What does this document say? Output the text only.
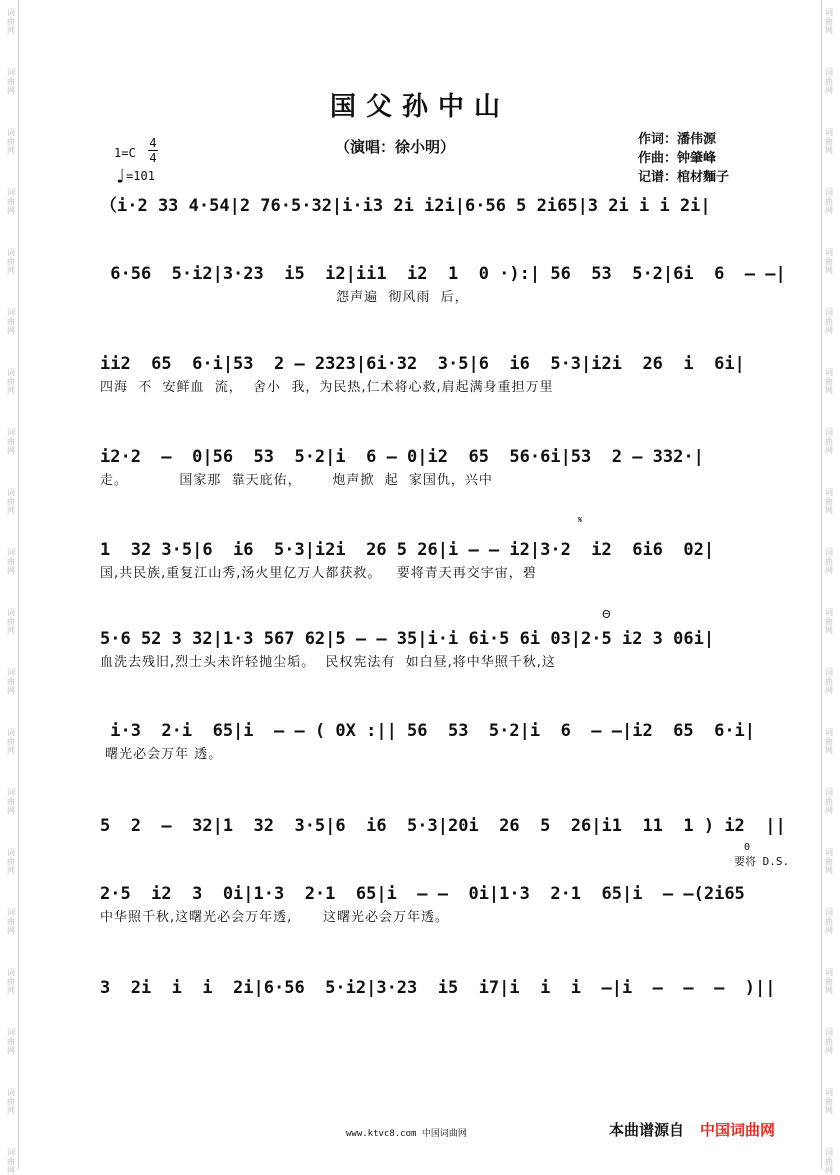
词
曲
网
词
曲
网
词
曲
网
词
曲
网
词
曲
网
词
曲
网
词
曲
网
词
曲
网
词
曲
网
词
曲
网
词
曲
网
词
曲
网
词
曲
网
词
曲
网
词
曲
网
词
曲
网
词
曲
网
词
曲
网
词
曲
网
词
曲
网
国父孙中山
（演唱：徐小明）	作词：潘伟源
作曲：钟肇峰
记谱：棺材麵子
1=C
4
4
♩=101
𝄋
Θ
（i·2 33 4·54|2 76·5·32|i·i3 2i i2i|6·56 5 2i65|3 2i i i 2i|
6·56  5·i2|3·23  i5  i2|ii1  i2  1  0 ·):| 56  53  5·2|6i  6  – –|
怨声遍  彻风雨  后，
ii2  65  6·i|53  2 – 2323|6i·32  3·5|6  i6  5·3|i2i  26  i  6i|
四海  不  安鲜血  流，  舍小  我，为民热,仁术将心救,肩起满身重担万里
i2·2  –  0|56  53  5·2|i  6 – 0|i2  65  56·6i|53  2 – 332·|
走。          国家那  靠天庇佑，      炮声掀  起  家国仇，兴中
1  32 3·5|6  i6  5·3|i2i  26 5 26|i – – i2|3·2  i2  6i6  02|
国,共民族,重复江山秀,汤火里亿万人都获救。   要将青天再交宇宙，碧
5·6 52 3 32|1·3 567 62|5 – – 35|i·i 6i·5 6i 03|2·5 i2 3 06i|
血洗去残旧,烈士头未许轻抛尘垢。  民权宪法有  如白昼,将中华照千秋,这
i·3  2·i  65|i  – – ( 0X :|| 56  53  5·2|i  6  – –|i2  65  6·i|
曙光必会万年 透。
5  2  –  32|1  32  3·5|6  i6  5·3|20i  26  5  26|i1  11  1 ) i2  ||
2·5  i2  3  0i|1·3  2·1  65|i  – –  0i|1·3  2·1  65|i  – –(2i65
中华照千秋,这曙光必会万年透,      这曙光必会万年透。
3  2i  i  i  2i|6·56  5·i2|3·23  i5  i7|i  i  i  –|i  –  –  –  )||
Θ
要将 D.S.
www.ktvc8.com 中国词曲网	本曲谱源自 中国词曲网
词
曲
网
词
曲
网
词
曲
网
词
曲
网
词
曲
网
词
曲
网
词
曲
网
词
曲
网
词
曲
网
词
曲
网
词
曲
网
词
曲
网
词
曲
网
词
曲
网
词
曲
网
词
曲
网
词
曲
网
词
曲
网
词
曲
网
词
曲
网
